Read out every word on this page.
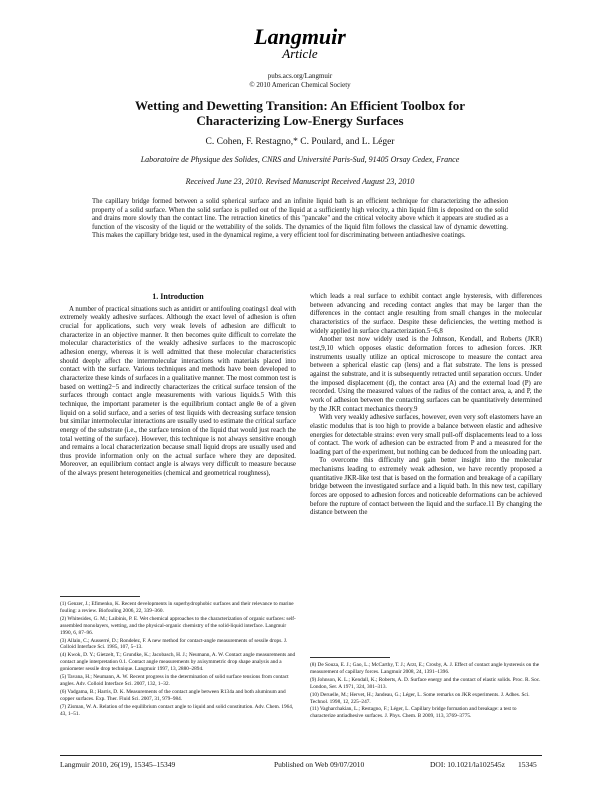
Langmuir
Article
pubs.acs.org/Langmuir
© 2010 American Chemical Society
Wetting and Dewetting Transition: An Efficient Toolbox for
Characterizing Low-Energy Surfaces
C. Cohen, F. Restagno,* C. Poulard, and L. Léger
Laboratoire de Physique des Solides, CNRS and Université Paris-Sud, 91405 Orsay Cedex, France
Received June 23, 2010. Revised Manuscript Received August 23, 2010
The capillary bridge formed between a solid spherical surface and an infinite liquid bath is an efficient technique for characterizing the adhesion property of a solid surface. When the solid surface is pulled out of the liquid at a sufficiently high velocity, a thin liquid film is deposited on the solid and drains more slowly than the contact line. The retraction kinetics of this "pancake" and the critical velocity above which it appears are studied as a function of the viscosity of the liquid or the wettability of the solids. The dynamics of the liquid film follows the classical law of dynamic dewetting. This makes the capillary bridge test, used in the dynamical regime, a very efficient tool for discriminating between antiadhesive coatings.
1. Introduction

A number of practical situations such as antidirt or antifouling coatings1 deal with extremely weakly adhesive surfaces. Although the exact level of adhesion is often crucial for applications, such very weak levels of adhesion are difficult to characterize in an objective manner. It then becomes quite difficult to correlate the molecular characteristics of the weakly adhesive surfaces to the macroscopic adhesion energy, whereas it is well admitted that these molecular characteristics should deeply affect the intermolecular interactions with materials placed into contact with the surface. Various techniques and methods have been developed to characterize these kinds of surfaces in a qualitative manner. The most common test is based on wetting2−5 and indirectly characterizes the critical surface tension of the surfaces through contact angle measurements with various liquids.5 With this technique, the important parameter is the equilibrium contact angle θe of a given liquid on a solid surface, and a series of test liquids with decreasing surface tension but similar intermolecular interactions are usually used to estimate the critical surface energy of the substrate (i.e., the surface tension of the liquid that would just reach the total wetting of the surface). However, this technique is not always sensitive enough and remains a local characterization because small liquid drops are usually used and thus provide information only on the actual surface where they are deposited. Moreover, an equilibrium contact angle is always very difficult to measure because of the always present heterogeneities (chemical and geometrical roughness),

which leads a real surface to exhibit contact angle hysteresis, with differences between advancing and receding contact angles that may be larger than the differences in the contact angle resulting from small changes in the molecular characteristics of the surface. Despite these deficiencies, the wetting method is widely applied in surface characterization.5−6,8

Another test now widely used is the Johnson, Kendall, and Roberts (JKR) test,9,10 which opposes elastic deformation forces to adhesion forces. JKR instruments usually utilize an optical microscope to measure the contact area between a spherical elastic cap (lens) and a flat substrate. The lens is pressed against the substrate, and it is subsequently retracted until separation occurs. Under the imposed displacement (d), the contact area (A) and the external load (P) are recorded. Using the measured values of the radius of the contact area, a, and P, the work of adhesion between the contacting surfaces can be quantitatively determined by the JKR contact mechanics theory.9

With very weakly adhesive surfaces, however, even very soft elastomers have an elastic modulus that is too high to provide a balance between elastic and adhesive energies for detectable strains: even very small pull-off displacements lead to a loss of contact. The work of adhesion can be extracted from P and a measured for the loading part of the experiment, but nothing can be deduced from the unloading part.

To overcome this difficulty and gain better insight into the molecular mechanisms leading to extremely weak adhesion, we have recently proposed a quantitative JKR-like test that is based on the formation and breakage of a capillary bridge between the investigated surface and a liquid bath. In this new test, capillary forces are opposed to adhesion forces and noticeable deformations can be achieved before the rupture of contact between the liquid and the surface.11 By changing the distance between the

(1) Genzer, J.; Efimenko, K. Recent developments in superhydrophobic surfaces and their relevance to marine fouling: a review. Biofouling 2006, 22, 339–360.
(2) Whitesides, G. M.; Laibinis, P. E. Wet chemical approaches to the characterization of organic surfaces: self-assembled monolayers, wetting, and the physical-organic chemistry of the solid-liquid interface. Langmuir 1990, 6, 87–96.
(3) Allain, C.; Ausserré, D.; Rondelez, F. A new method for contact-angle measurements of sessile drops. J. Colloid Interface Sci. 1985, 107, 5–13.
(4) Kwok, D. Y.; Gietzelt, T.; Grundke, K.; Jacobasch, H. J.; Neumann, A. W. Contact angle measurements and contact angle interpretation 0.1. Contact angle measurements by axisymmetric drop shape analysis and a goniometer sessile drop technique. Langmuir 1997, 13, 2880–2894.
(5) Tavana, H.; Neumann, A. W. Recent progress in the determination of solid surface tensions from contact angles. Adv. Colloid Interface Sci. 2007, 132, 1–32.
(6) Vadgama, B.; Harris, D. K. Measurements of the contact angle between R134a and both aluminum and copper surfaces. Exp. Ther. Fluid Sci. 2007, 31, 979–984.
(7) Zisman, W. A. Relation of the equilibrium contact angle to liquid and solid constitution. Adv. Chem. 1964, 43, 1–51.
(8) De Souza, E. J.; Gao, L.; McCarthy, T. J.; Arzt, E.; Crosby, A. J. Effect of contact angle hysteresis on the measurement of capillary forces. Langmuir 2008, 24, 1391–1396.
(9) Johnson, K. L.; Kendall, K.; Roberts, A. D. Surface energy and the contact of elastic solids. Proc. R. Soc. London, Ser. A 1971, 324, 301–313.
(10) Deruelle, M.; Hervet, H.; Jandeau, G.; Léger, L. Some remarks on JKR experiments. J. Adhes. Sci. Technol. 1998, 12, 225–247.
(11) Vagharchakian, L.; Restagno, F.; Léger, L. Capillary bridge formation and breakage: a test to characterize antiadhesive surfaces. J. Phys. Chem. B 2009, 113, 3769–3775.
Langmuir 2010, 26(19), 15345–15349	Published on Web 09/07/2010	DOI: 10.1021/la102545z 15345
